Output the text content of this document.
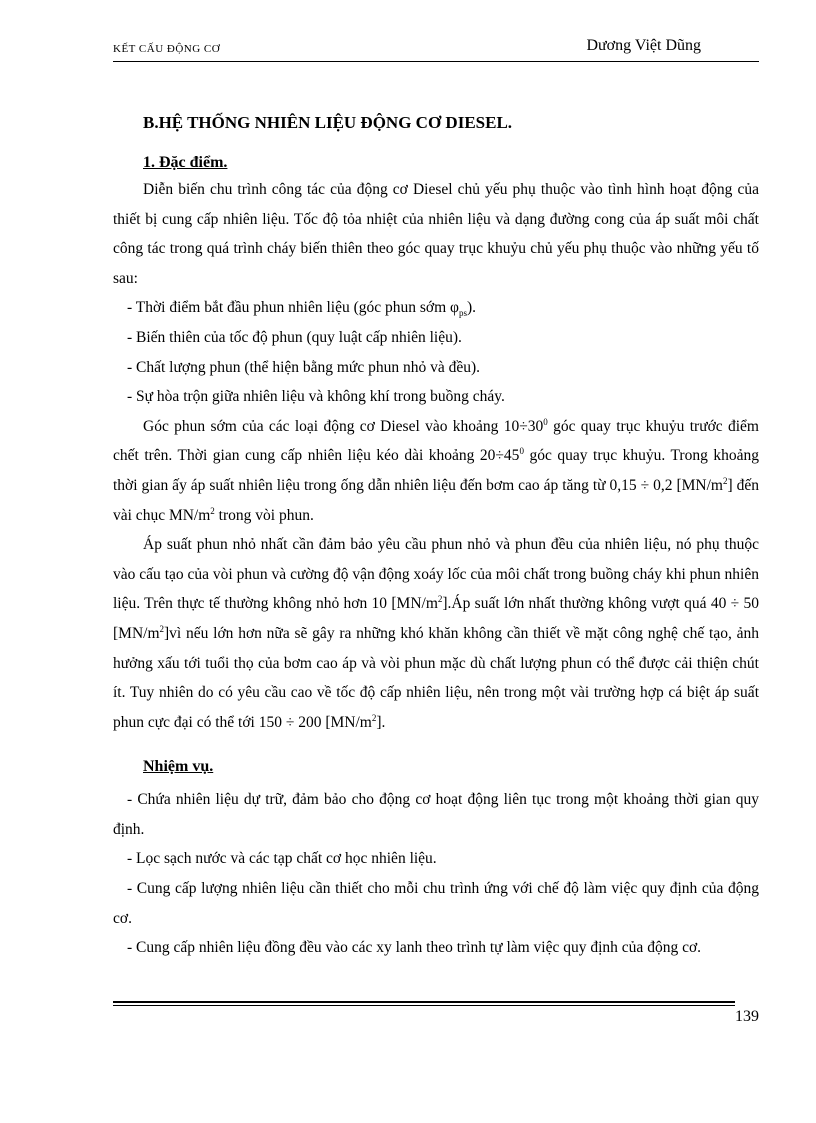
KẾT CẤU ĐỘNG CƠ	Dương Việt Dũng
B.HỆ THỐNG NHIÊN LIỆU ĐỘNG CƠ DIESEL.
1. Đặc điểm.

Diễn biến chu trình công tác của động cơ Diesel chủ yếu phụ thuộc vào tình hình hoạt động của thiết bị cung cấp nhiên liệu. Tốc độ tỏa nhiệt của nhiên liệu và dạng đường cong của áp suất môi chất công tác trong quá trình cháy biến thiên theo góc quay trục khuỷu chủ yếu phụ thuộc vào những yếu tố sau:

- Thời điểm bắt đầu phun nhiên liệu (góc phun sớm $\varphi_{ps}$).

- Biến thiên của tốc độ phun (quy luật cấp nhiên liệu).

- Chất lượng phun (thể hiện bằng mức phun nhỏ và đều).

- Sự hòa trộn giữa nhiên liệu và không khí trong buồng cháy.

Góc phun sớm của các loại động cơ Diesel vào khoảng $10\div 30^0$ góc quay trục khuỷu trước điểm chết trên. Thời gian cung cấp nhiên liệu kéo dài khoảng $20\div 45^0$ góc quay trục khuỷu. Trong khoảng thời gian ấy áp suất nhiên liệu trong ống dẫn nhiên liệu đến bơm cao áp tăng từ 0,15 ÷ 0,2 $[MN/m^2]$ đến vài chục $MN/m^2$ trong vòi phun.

Áp suất phun nhỏ nhất cần đảm bảo yêu cầu phun nhỏ và phun đều của nhiên liệu, nó phụ thuộc vào cấu tạo của vòi phun và cường độ vận động xoáy lốc của môi chất trong buồng cháy khi phun nhiên liệu. Trên thực tế thường không nhỏ hơn 10 $[MN/m^2].Áp$ suất lớn nhất thường không vượt quá 40 ÷ 50 $[MN/m^2]vì$ nếu lớn hơn nữa sẽ gây ra những khó khăn không cần thiết về mặt công nghệ chế tạo, ảnh hưởng xấu tới tuổi thọ của bơm cao áp và vòi phun mặc dù chất lượng phun có thể được cải thiện chút ít. Tuy nhiên do có yêu cầu cao về tốc độ cấp nhiên liệu, nên trong một vài trường hợp cá biệt áp suất phun cực đại có thể tới 150 ÷ 200 $[MN/m^2]$.

Nhiệm vụ.

- Chứa nhiên liệu dự trữ, đảm bảo cho động cơ hoạt động liên tục trong một khoảng thời gian quy định.

- Lọc sạch nước và các tạp chất cơ học nhiên liệu.

- Cung cấp lượng nhiên liệu cần thiết cho mỗi chu trình ứng với chế độ làm việc quy định của động cơ.

- Cung cấp nhiên liệu đồng đều vào các xy lanh theo trình tự làm việc quy định của động cơ.

139
